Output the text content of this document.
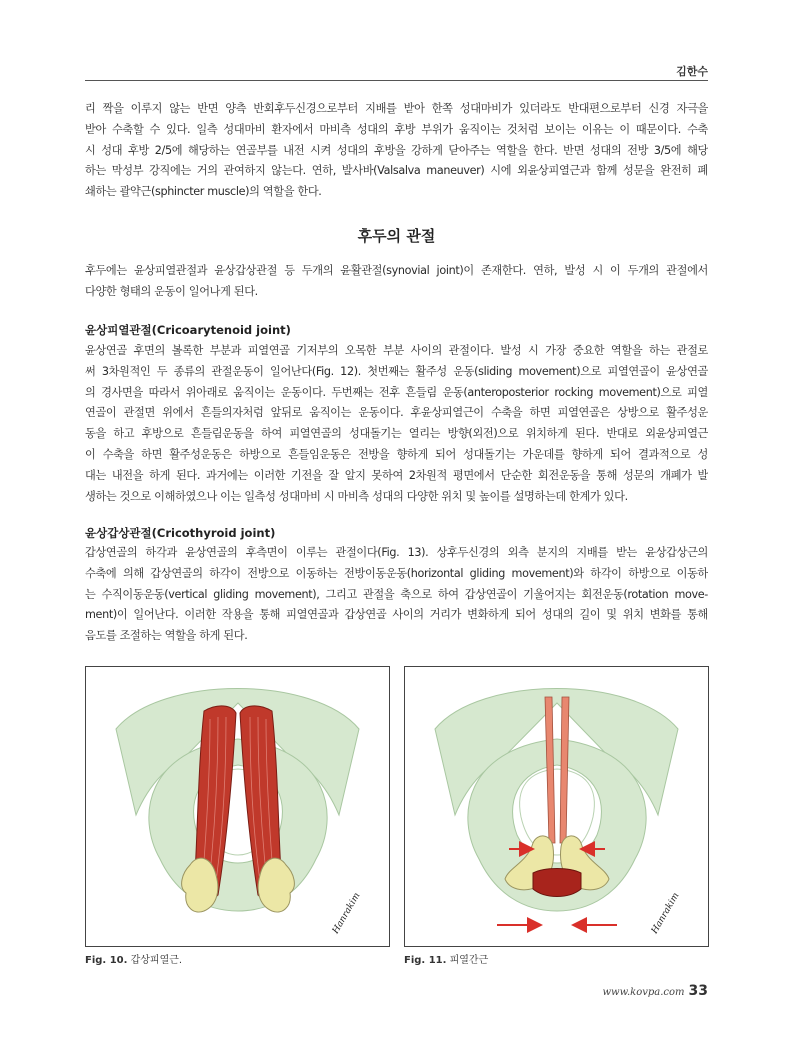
김한수
리 짝을 이루지 않는 반면 양측 반회후두신경으로부터 지배를 받아 한쪽 성대마비가 있더라도 반대편으로부터 신경 자극을
받아 수축할 수 있다. 일측 성대마비 환자에서 마비측 성대의 후방 부위가 움직이는 것처럼 보이는 이유는 이 때문이다. 수축
시 성대 후방 2/5에 해당하는 연골부를 내전 시켜 성대의 후방을 강하게 닫아주는 역할을 한다. 반면 성대의 전방 3/5에 해당
하는 막성부 강직에는 거의 관여하지 않는다. 연하, 발사바(Valsalva maneuver) 시에 외윤상피열근과 함께 성문을 완전히 폐
쇄하는 괄약근(sphincter muscle)의 역할을 한다.
후두의 관절
후두에는 윤상피열관절과 윤상갑상관절 등 두개의 윤활관절(synovial joint)이 존재한다. 연하, 발성 시 이 두개의 관절에서
다양한 형태의 운동이 일어나게 된다.
윤상피열관절(Cricoarytenoid joint)
윤상연골 후면의 볼록한 부분과 피열연골 기저부의 오목한 부분 사이의 관절이다. 발성 시 가장 중요한 역할을 하는 관절로
써 3차원적인 두 종류의 관절운동이 일어난다(Fig. 12). 첫번째는 활주성 운동(sliding movement)으로 피열연골이 윤상연골
의 경사면을 따라서 위아래로 움직이는 운동이다. 두번째는 전후 흔들림 운동(anteroposterior rocking movement)으로 피열
연골이 관절면 위에서 흔들의자처럼 앞뒤로 움직이는 운동이다. 후윤상피열근이 수축을 하면 피열연골은 상방으로 활주성운
동을 하고 후방으로 흔들림운동을 하여 피열연골의 성대돌기는 열리는 방향(외전)으로 위치하게 된다. 반대로 외윤상피열근
이 수축을 하면 활주성운동은 하방으로 흔들임운동은 전방을 향하게 되어 성대돌기는 가운데를 향하게 되어 결과적으로 성
대는 내전을 하게 된다. 과거에는 이러한 기전을 잘 알지 못하여 2차원적 평면에서 단순한 회전운동을 통해 성문의 개폐가 발
생하는 것으로 이해하였으나 이는 일측성 성대마비 시 마비측 성대의 다양한 위치 및 높이를 설명하는데 한계가 있다.
윤상갑상관절(Cricothyroid joint)
갑상연골의 하각과 윤상연골의 후측면이 이루는 관절이다(Fig. 13). 상후두신경의 외측 분지의 지배를 받는 윤상갑상근의
수축에 의해 갑상연골의 하각이 전방으로 이동하는 전방이동운동(horizontal gliding movement)와 하각이 하방으로 이동하
는 수직이동운동(vertical gliding movement), 그리고 관절을 축으로 하여 갑상연골이 기울어지는 회전운동(rotation move-
ment)이 일어난다. 이러한 작용을 통해 피열연골과 갑상연골 사이의 거리가 변화하게 되어 성대의 길이 및 위치 변화를 통해
음도를 조절하는 역할을 하게 된다.
Hanrakim	Hanrakim
Fig. 10. 갑상피열근.	Fig. 11. 피열간근
www.kovpa.com 33
